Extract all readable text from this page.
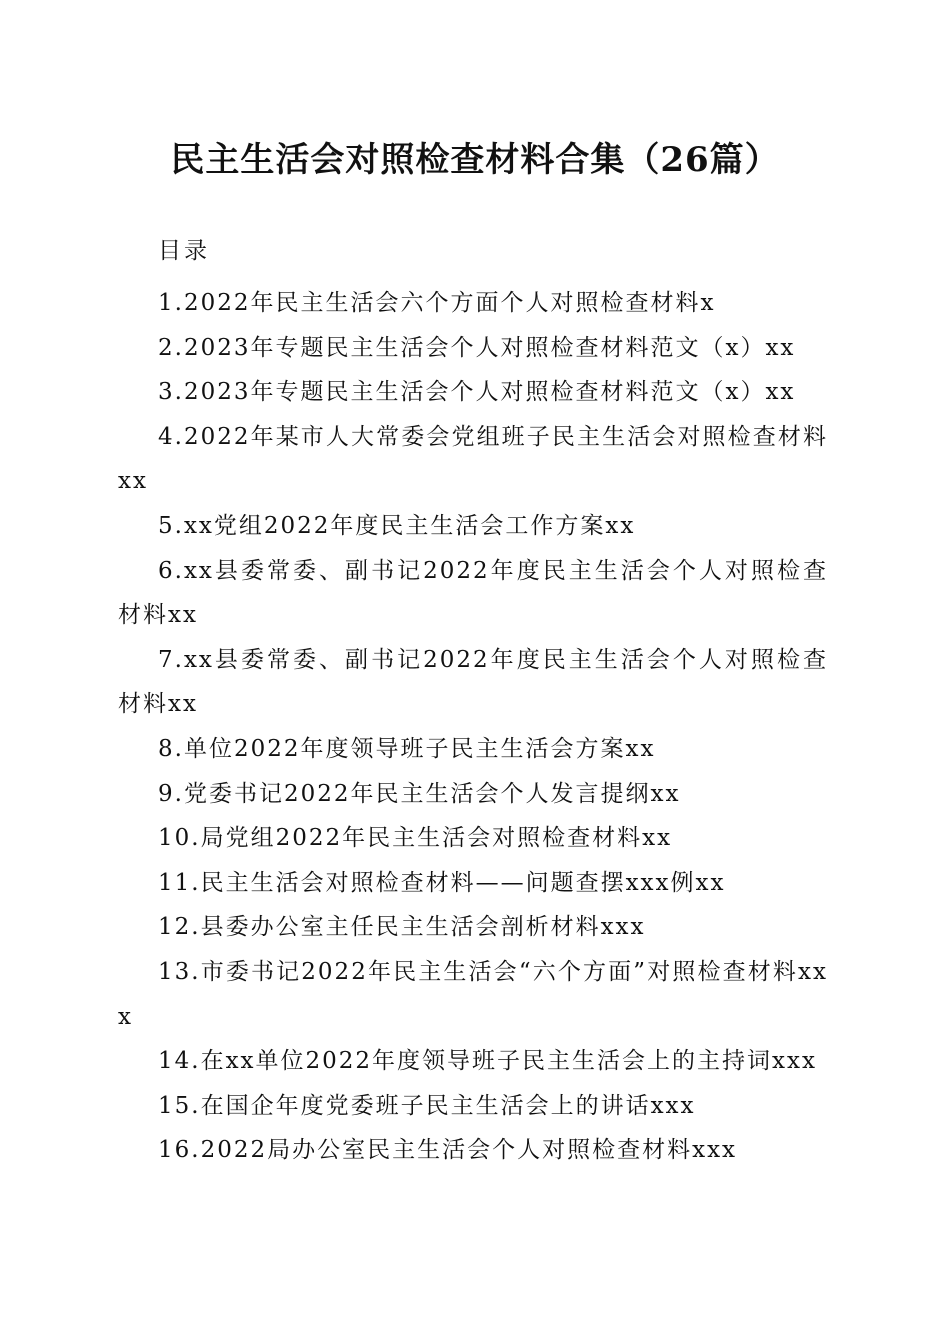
民主生活会对照检查材料合集（26篇）
目录
1.2022年民主生活会六个方面个人对照检查材料x
2.2023年专题民主生活会个人对照检查材料范文（x）xx
3.2023年专题民主生活会个人对照检查材料范文（x）xx
4.2022年某市人大常委会党组班子民主生活会对照检查材料xx
5.xx党组2022年度民主生活会工作方案xx
6.xx县委常委、副书记2022年度民主生活会个人对照检查材料xx
7.xx县委常委、副书记2022年度民主生活会个人对照检查材料xx
8.单位2022年度领导班子民主生活会方案xx
9.党委书记2022年民主生活会个人发言提纲xx
10.局党组2022年民主生活会对照检查材料xx
11.民主生活会对照检查材料——问题查摆xxx例xx
12.县委办公室主任民主生活会剖析材料xxx
13.市委书记2022年民主生活会“六个方面”对照检查材料xxx
14.在xx单位2022年度领导班子民主生活会上的主持词xxx
15.在国企年度党委班子民主生活会上的讲话xxx
16.2022局办公室民主生活会个人对照检查材料xxx
